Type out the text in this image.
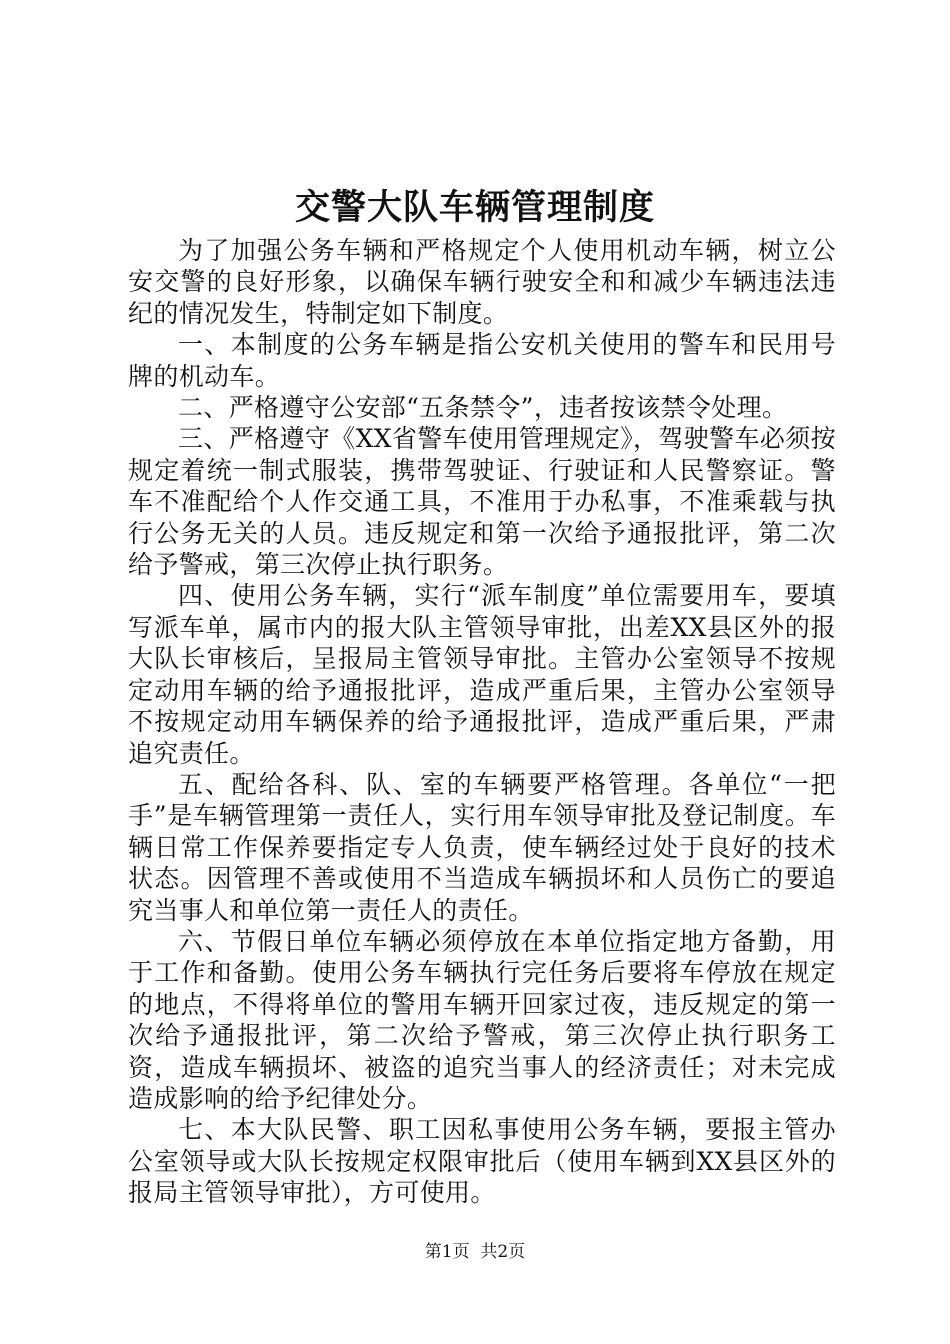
交警大队车辆管理制度

为了加强公务车辆和严格规定个人使用机动车辆，树立公安交警的良好形象，以确保车辆行驶安全和和减少车辆违法违纪的情况发生，特制定如下制度。

一、本制度的公务车辆是指公安机关使用的警车和民用号牌的机动车。

二、严格遵守公安部“五条禁令”，违者按该禁令处理。

三、严格遵守《XX省警车使用管理规定》，驾驶警车必须按规定着统一制式服装，携带驾驶证、行驶证和人民警察证。警车不准配给个人作交通工具，不准用于办私事，不准乘载与执行公务无关的人员。违反规定和第一次给予通报批评，第二次给予警戒，第三次停止执行职务。

四、使用公务车辆，实行“派车制度”单位需要用车，要填写派车单，属市内的报大队主管领导审批，出差XX县区外的报大队长审核后，呈报局主管领导审批。主管办公室领导不按规定动用车辆的给予通报批评，造成严重后果，主管办公室领导不按规定动用车辆保养的给予通报批评，造成严重后果，严肃追究责任。

五、配给各科、队、室的车辆要严格管理。各单位“一把手”是车辆管理第一责任人，实行用车领导审批及登记制度。车辆日常工作保养要指定专人负责，使车辆经过处于良好的技术状态。因管理不善或使用不当造成车辆损坏和人员伤亡的要追究当事人和单位第一责任人的责任。

六、节假日单位车辆必须停放在本单位指定地方备勤，用于工作和备勤。使用公务车辆执行完任务后要将车停放在规定的地点，不得将单位的警用车辆开回家过夜，违反规定的第一次给予通报批评，第二次给予警戒，第三次停止执行职务工资，造成车辆损坏、被盗的追究当事人的经济责任；对未完成造成影响的给予纪律处分。

七、本大队民警、职工因私事使用公务车辆，要报主管办公室领导或大队长按规定权限审批后（使用车辆到XX县区外的报局主管领导审批），方可使用。

第1页  共2页
